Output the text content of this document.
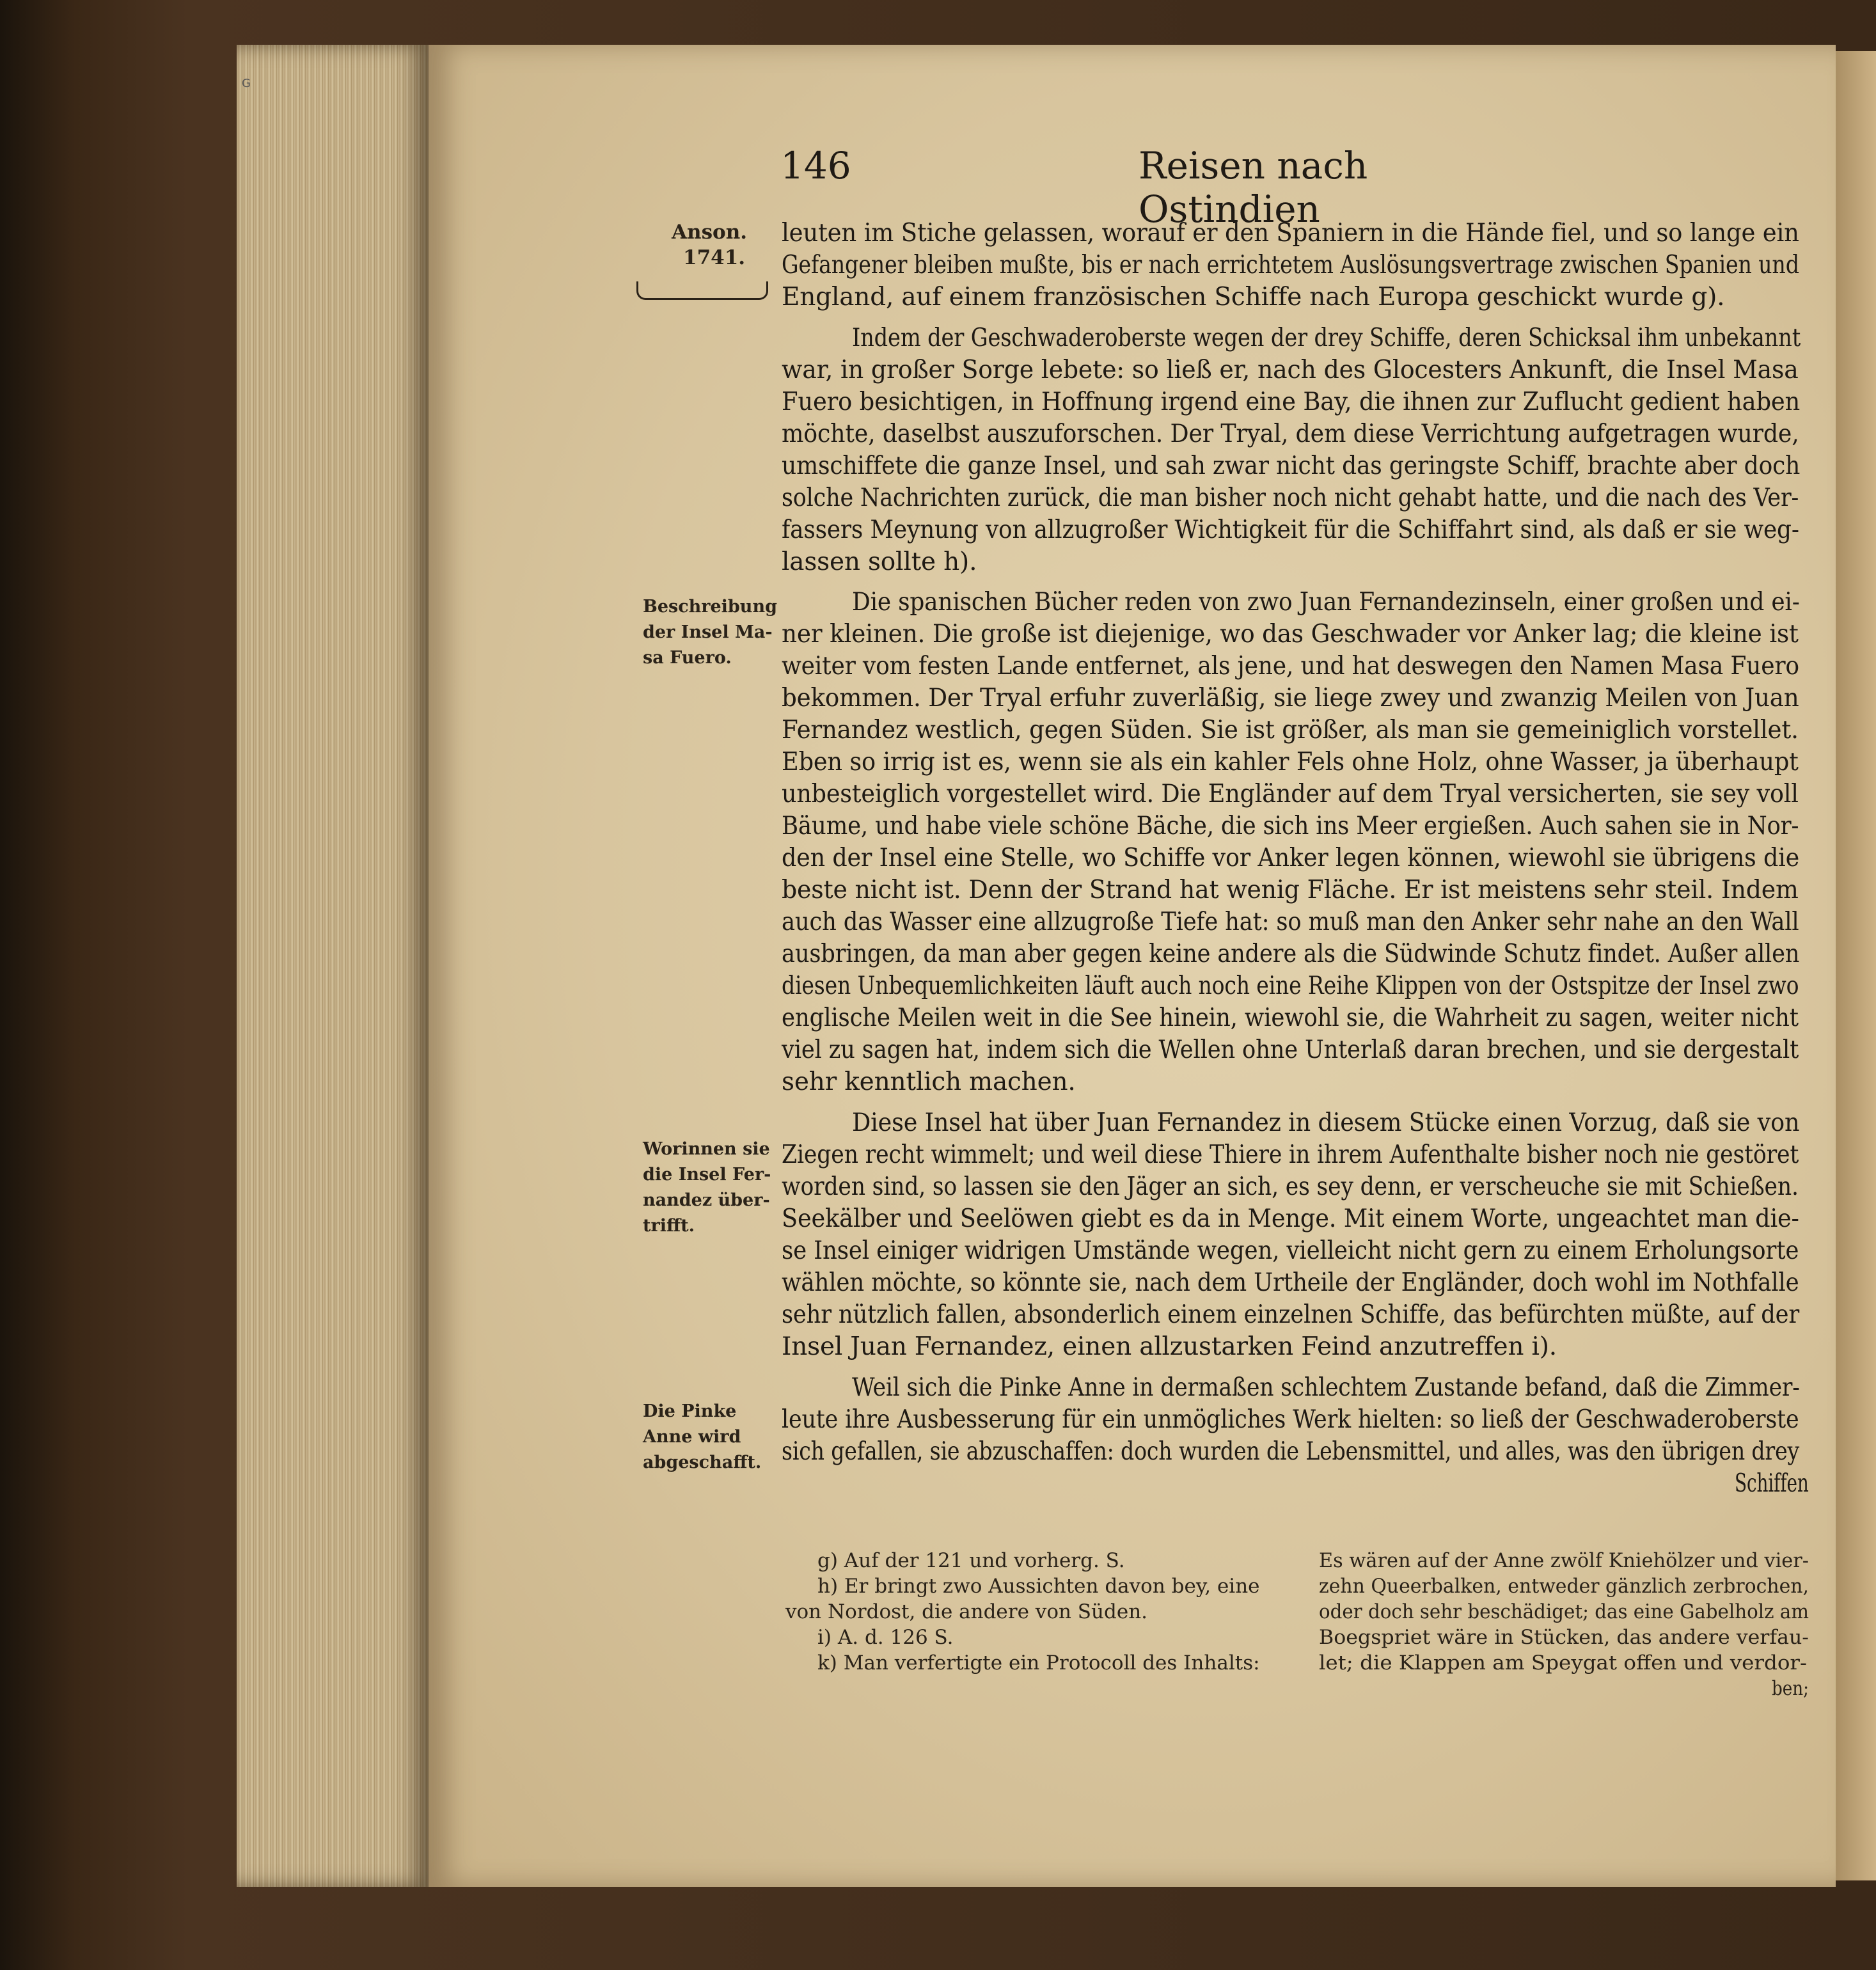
G
146	Reisen nach Ostindien
Anson.
1741.
Beschreibung
der Insel Ma-
sa Fuero.
Worinnen sie
die Insel Fer-
nandez über-
trifft.
Die Pinke
Anne wird
abgeschafft.
leuten im Stiche gelassen, worauf er den Spaniern in die Hände fiel, und so lange ein
Gefangener bleiben mußte, bis er nach errichtetem Auslösungsvertrage zwischen Spanien und
England, auf einem französischen Schiffe nach Europa geschickt wurde g).
Indem der Geschwaderoberste wegen der drey Schiffe, deren Schicksal ihm unbekannt
war, in großer Sorge lebete: so ließ er, nach des Glocesters Ankunft, die Insel Masa
Fuero besichtigen, in Hoffnung irgend eine Bay, die ihnen zur Zuflucht gedient haben
möchte, daselbst auszuforschen. Der Tryal, dem diese Verrichtung aufgetragen wurde,
umschiffete die ganze Insel, und sah zwar nicht das geringste Schiff, brachte aber doch
solche Nachrichten zurück, die man bisher noch nicht gehabt hatte, und die nach des Ver-
fassers Meynung von allzugroßer Wichtigkeit für die Schiffahrt sind, als daß er sie weg-
lassen sollte h).
Die spanischen Bücher reden von zwo Juan Fernandezinseln, einer großen und ei-
ner kleinen. Die große ist diejenige, wo das Geschwader vor Anker lag; die kleine ist
weiter vom festen Lande entfernet, als jene, und hat deswegen den Namen Masa Fuero
bekommen. Der Tryal erfuhr zuverläßig, sie liege zwey und zwanzig Meilen von Juan
Fernandez westlich, gegen Süden. Sie ist größer, als man sie gemeiniglich vorstellet.
Eben so irrig ist es, wenn sie als ein kahler Fels ohne Holz, ohne Wasser, ja überhaupt
unbesteiglich vorgestellet wird. Die Engländer auf dem Tryal versicherten, sie sey voll
Bäume, und habe viele schöne Bäche, die sich ins Meer ergießen. Auch sahen sie in Nor-
den der Insel eine Stelle, wo Schiffe vor Anker legen können, wiewohl sie übrigens die
beste nicht ist. Denn der Strand hat wenig Fläche. Er ist meistens sehr steil. Indem
auch das Wasser eine allzugroße Tiefe hat: so muß man den Anker sehr nahe an den Wall
ausbringen, da man aber gegen keine andere als die Südwinde Schutz findet. Außer allen
diesen Unbequemlichkeiten läuft auch noch eine Reihe Klippen von der Ostspitze der Insel zwo
englische Meilen weit in die See hinein, wiewohl sie, die Wahrheit zu sagen, weiter nicht
viel zu sagen hat, indem sich die Wellen ohne Unterlaß daran brechen, und sie dergestalt
sehr kenntlich machen.
Diese Insel hat über Juan Fernandez in diesem Stücke einen Vorzug, daß sie von
Ziegen recht wimmelt; und weil diese Thiere in ihrem Aufenthalte bisher noch nie gestöret
worden sind, so lassen sie den Jäger an sich, es sey denn, er verscheuche sie mit Schießen.
Seekälber und Seelöwen giebt es da in Menge. Mit einem Worte, ungeachtet man die-
se Insel einiger widrigen Umstände wegen, vielleicht nicht gern zu einem Erholungsorte
wählen möchte, so könnte sie, nach dem Urtheile der Engländer, doch wohl im Nothfalle
sehr nützlich fallen, absonderlich einem einzelnen Schiffe, das befürchten müßte, auf der
Insel Juan Fernandez, einen allzustarken Feind anzutreffen i).
Weil sich die Pinke Anne in dermaßen schlechtem Zustande befand, daß die Zimmer-
leute ihre Ausbesserung für ein unmögliches Werk hielten: so ließ der Geschwaderoberste
sich gefallen, sie abzuschaffen: doch wurden die Lebensmittel, und alles, was den übrigen drey
Schiffen
g) Auf der 121 und vorherg. S.
h) Er bringt zwo Aussichten davon bey, eine
von Nordost, die andere von Süden.
i) A. d. 126 S.
k) Man verfertigte ein Protocoll des Inhalts:
Es wären auf der Anne zwölf Kniehölzer und vier-
zehn Queerbalken, entweder gänzlich zerbrochen,
oder doch sehr beschädiget; das eine Gabelholz am
Boegspriet wäre in Stücken, das andere verfau-
let; die Klappen am Speygat offen und verdor-
ben;
